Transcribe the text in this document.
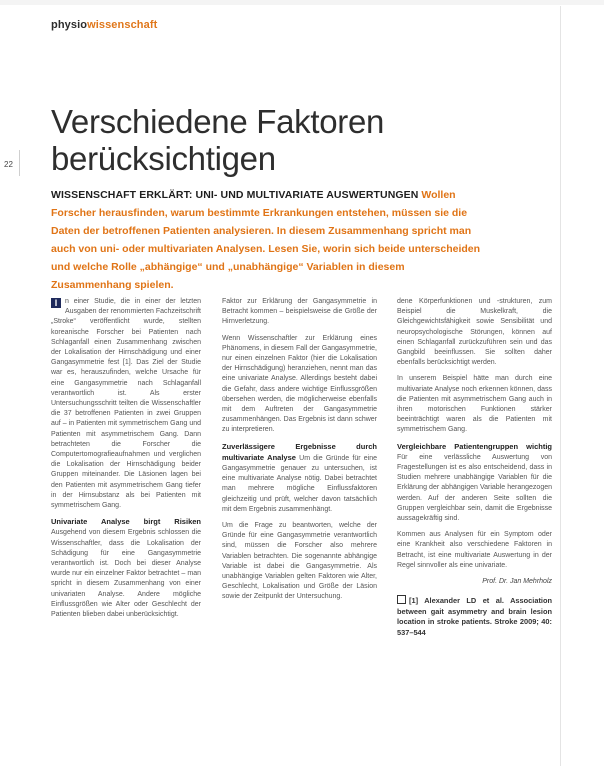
physiowissenschaft
22
Verschiedene Faktoren berücksichtigen
WISSENSCHAFT ERKLÄRT: UNI- UND MULTIVARIATE AUSWERTUNGEN Wollen Forscher herausfinden, warum bestimmte Erkrankungen entstehen, müssen sie die Daten der betroffenen Patienten analysieren. In diesem Zusammenhang spricht man auch von uni- oder multivariaten Analysen. Lesen Sie, worin sich beide unterscheiden und welche Rolle „abhängige“ und „unabhängige“ Variablen in diesem Zusammenhang spielen.

I	n einer Studie, die in einer der letzten Ausgaben der renommierten Fachzeitschrift „Stroke“ veröffentlicht wurde, stellten koreanische Forscher bei Patienten nach Schlaganfall einen Zusammenhang zwischen der Lokalisation der Hirnschädigung und einer Gangasymmetrie fest [1]. Das Ziel der Studie war es, herauszufinden, welche Ursache für eine Gangasymmetrie nach Schlaganfall verantwortlich ist. Als erster Untersuchungsschritt teilten die Wissenschaftler die 37 betroffenen Patienten in zwei Gruppen auf – in Patienten mit symmetrischem Gang und Patienten mit asymmetrischem Gang. Dann betrachteten die Forscher die Computertomografieaufnahmen und verglichen die Lokalisation der Hirnschädigung beider Gruppen miteinander. Die Läsionen lagen bei den Patienten mit asymmetrischem Gang tiefer in der Hirnsubstanz als bei Patienten mit symmetrischem Gang.

Univariate Analyse birgt Risiken Ausgehend von diesem Ergebnis schlossen die Wissenschaftler, dass die Lokalisation der Schädigung für eine Gangasymmetrie verantwortlich ist. Doch bei dieser Analyse wurde nur ein einzelner Faktor betrachtet – man spricht in diesem Zusammenhang von einer univariaten Analyse. Andere mögliche Einflussgrößen wie Alter oder Geschlecht der Patienten blieben dabei unberücksichtigt.

Faktor zur Erklärung der Gangasymmetrie in Betracht kommen – beispielsweise die Größe der Hirnverletzung.

Wenn Wissenschaftler zur Erklärung eines Phänomens, in diesem Fall der Gangasymmetrie, nur einen einzelnen Faktor (hier die Lokalisation der Hirnschädigung) heranziehen, nennt man das eine univariate Analyse. Allerdings besteht dabei die Gefahr, dass andere wichtige Einflussgrößen übersehen werden, die möglicherweise ebenfalls mit dem Auftreten der Gangasymmetrie zusammenhängen. Das Ergebnis ist dann schwer zu interpretieren.

Zuverlässigere Ergebnisse durch multivariate Analyse Um die Gründe für eine Gangasymmetrie genauer zu untersuchen, ist eine multivariate Analyse nötig. Dabei betrachtet man mehrere mögliche Einflussfaktoren gleichzeitig und prüft, welcher davon tatsächlich mit dem Ergebnis zusammenhängt.

Um die Frage zu beantworten, welche der Gründe für eine Gangasymmetrie verantwortlich sind, müssen die Forscher also mehrere Variablen betrachten. Die sogenannte abhängige Variable ist dabei die Gangasymmetrie. Als unabhängige Variablen gelten Faktoren wie Alter, Geschlecht, Lokalisation und Größe der Läsion sowie der Zeitpunkt der Untersuchung.

dene Körperfunktionen und -strukturen, zum Beispiel die Muskelkraft, die Gleichgewichtsfähigkeit sowie Sensibilität und neuropsychologische Störungen, können auf einen Schlaganfall zurückzuführen sein und das Gangbild beeinflussen. Sie sollten daher ebenfalls berücksichtigt werden.

In unserem Beispiel hätte man durch eine multivariate Analyse noch erkennen können, dass die Patienten mit asymmetrischem Gang auch in ihren motorischen Funktionen stärker beeinträchtigt waren als die Patienten mit symmetrischem Gang.

Vergleichbare Patientengruppen wichtig Für eine verlässliche Auswertung von Fragestellungen ist es also entscheidend, dass in Studien mehrere unabhängige Variablen für die Erklärung der abhängigen Variable herangezogen werden. Auf der anderen Seite sollten die Gruppen vergleichbar sein, damit die Ergebnisse aussagekräftig sind.

Kommen aus Analysen für ein Symptom oder eine Krankheit also verschiedene Faktoren in Betracht, ist eine multivariate Auswertung in der Regel sinnvoller als eine univariate.

Prof. Dr. Jan Mehrholz

[1] Alexander LD et al. Association between gait asymmetry and brain lesion location in stroke patients. Stroke 2009; 40: 537–544
